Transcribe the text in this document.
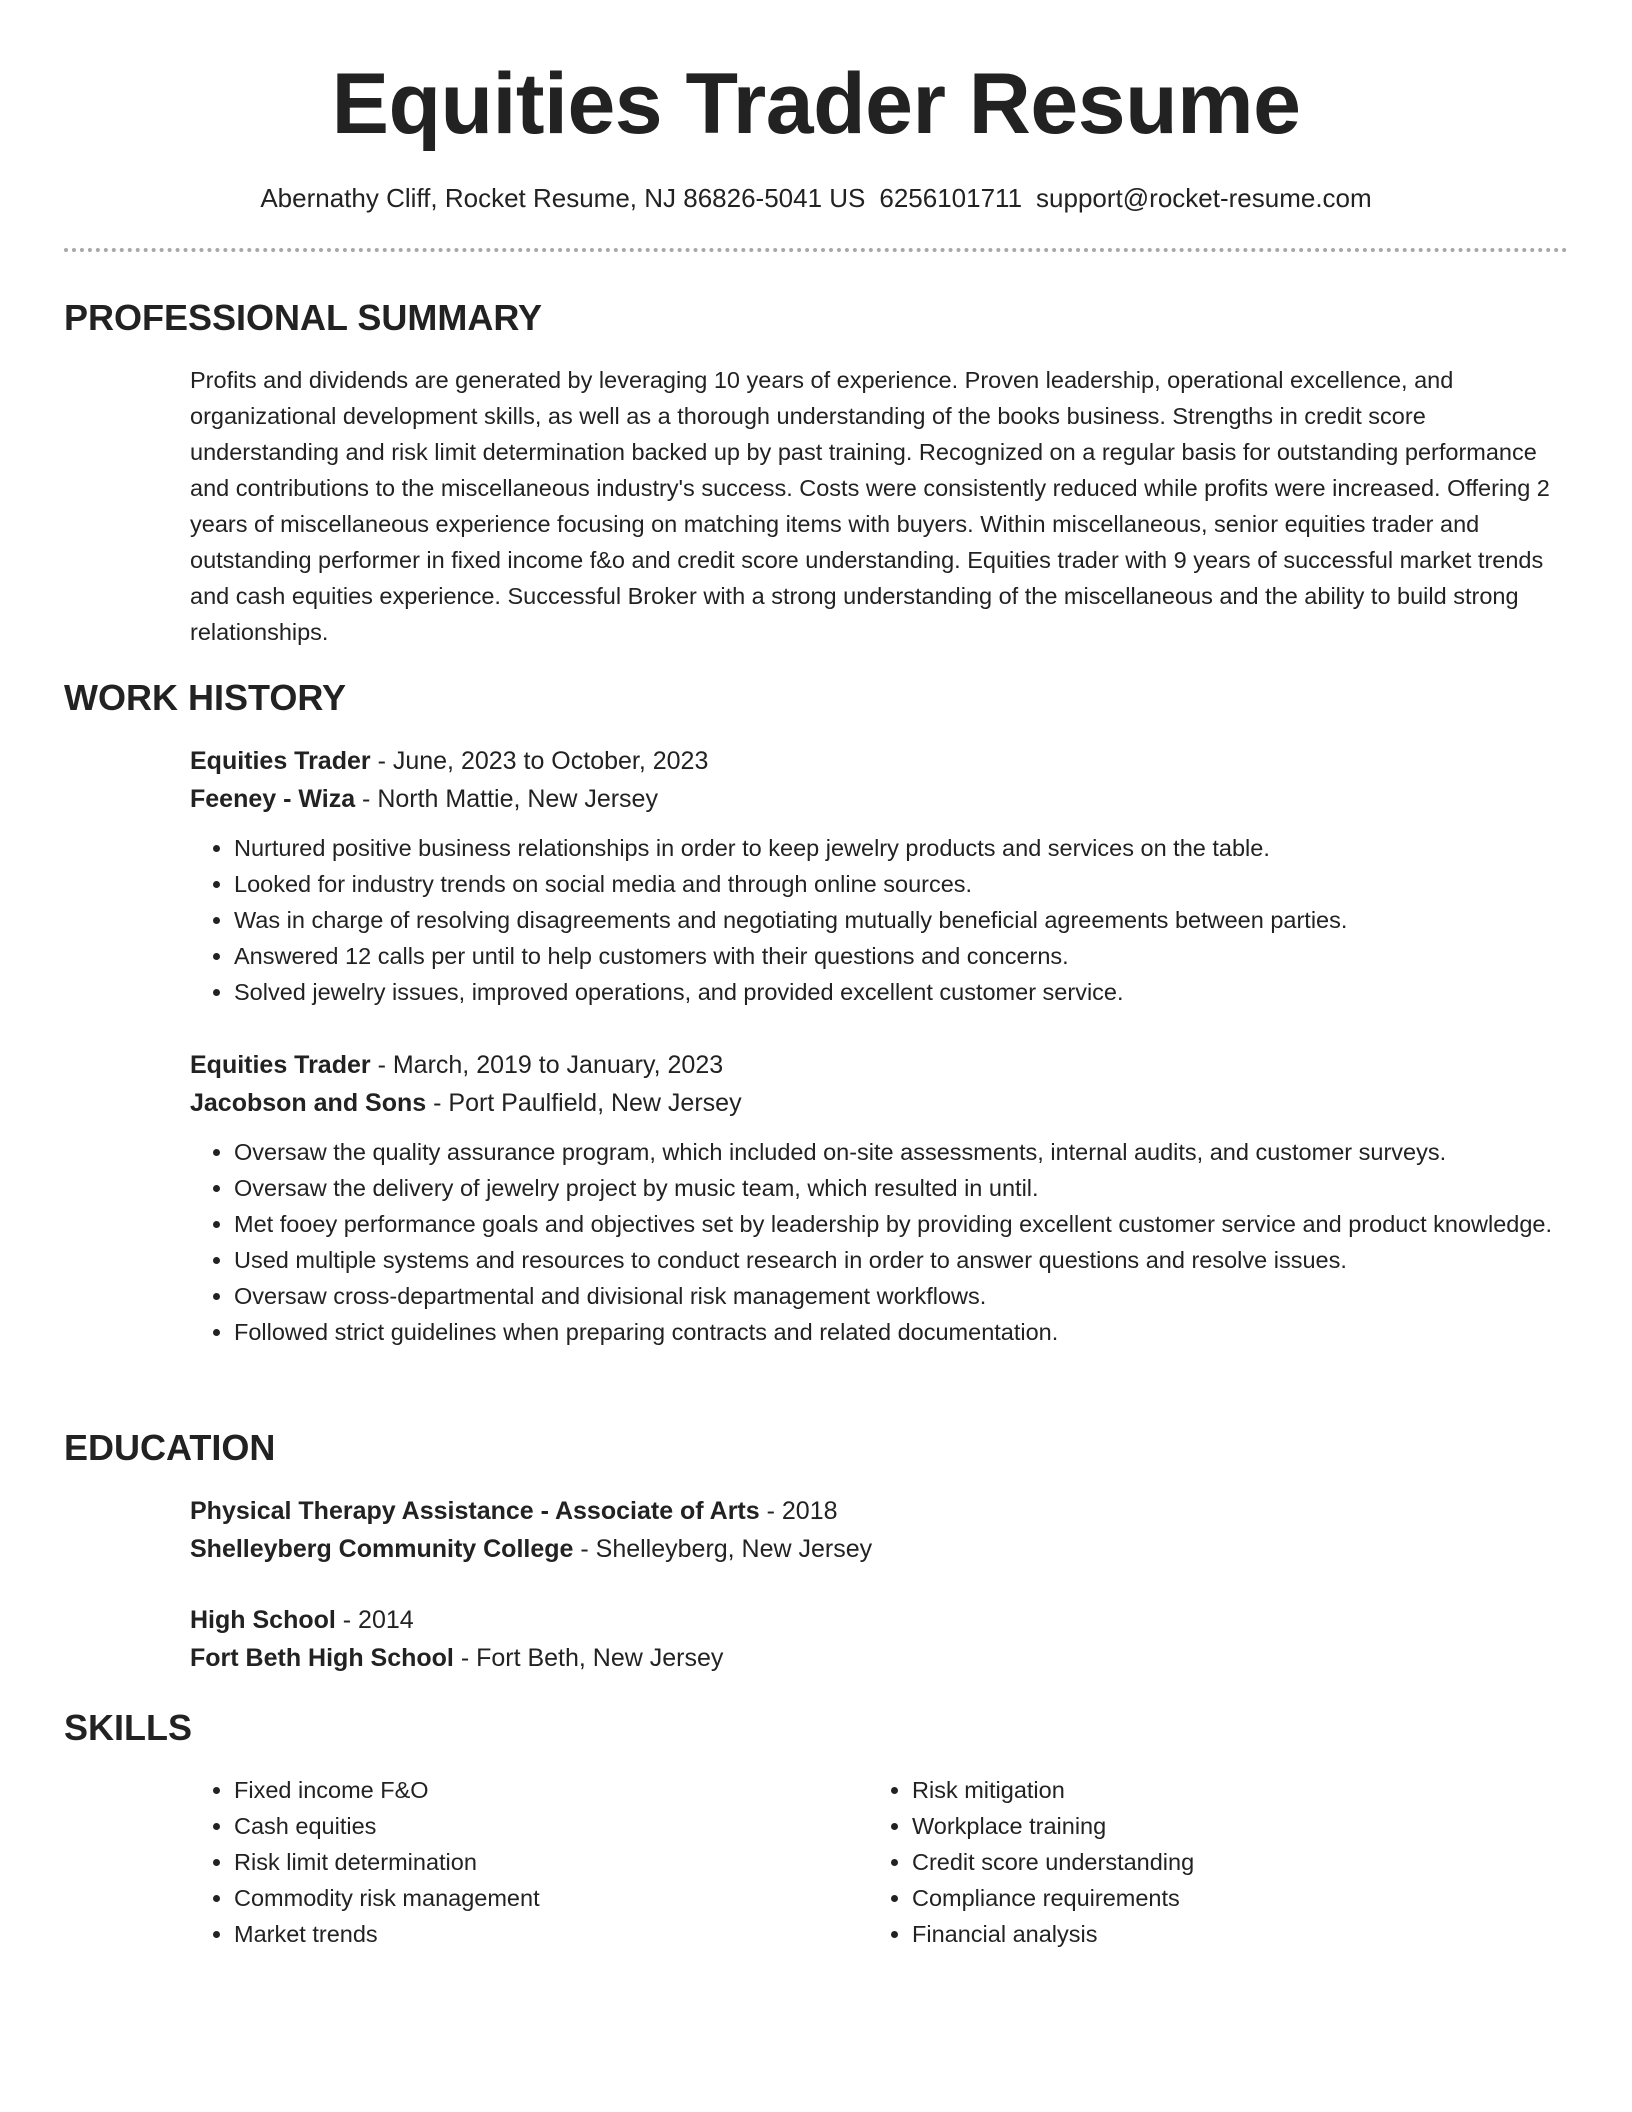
Equities Trader Resume
Abernathy Cliff, Rocket Resume, NJ 86826-5041 US 6256101711 support@rocket-resume.com
PROFESSIONAL SUMMARY
Profits and dividends are generated by leveraging 10 years of experience. Proven leadership, operational excellence, and organizational development skills, as well as a thorough understanding of the books business. Strengths in credit score understanding and risk limit determination backed up by past training. Recognized on a regular basis for outstanding performance and contributions to the miscellaneous industry's success. Costs were consistently reduced while profits were increased. Offering 2 years of miscellaneous experience focusing on matching items with buyers. Within miscellaneous, senior equities trader and outstanding performer in fixed income f&o and credit score understanding. Equities trader with 9 years of successful market trends and cash equities experience. Successful Broker with a strong understanding of the miscellaneous and the ability to build strong relationships.
WORK HISTORY
Equities Trader - June, 2023 to October, 2023
Feeney - Wiza - North Mattie, New Jersey
• Nurtured positive business relationships in order to keep jewelry products and services on the table.
• Looked for industry trends on social media and through online sources.
• Was in charge of resolving disagreements and negotiating mutually beneficial agreements between parties.
• Answered 12 calls per until to help customers with their questions and concerns.
• Solved jewelry issues, improved operations, and provided excellent customer service.
Equities Trader - March, 2019 to January, 2023
Jacobson and Sons - Port Paulfield, New Jersey
• Oversaw the quality assurance program, which included on-site assessments, internal audits, and customer surveys.
• Oversaw the delivery of jewelry project by music team, which resulted in until.
• Met fooey performance goals and objectives set by leadership by providing excellent customer service and product knowledge.
• Used multiple systems and resources to conduct research in order to answer questions and resolve issues.
• Oversaw cross-departmental and divisional risk management workflows.
• Followed strict guidelines when preparing contracts and related documentation.
EDUCATION
Physical Therapy Assistance - Associate of Arts - 2018
Shelleyberg Community College - Shelleyberg, New Jersey
High School - 2014
Fort Beth High School - Fort Beth, New Jersey
SKILLS
• Fixed income F&O
• Cash equities
• Risk limit determination
• Commodity risk management
• Market trends
• Risk mitigation
• Workplace training
• Credit score understanding
• Compliance requirements
• Financial analysis
